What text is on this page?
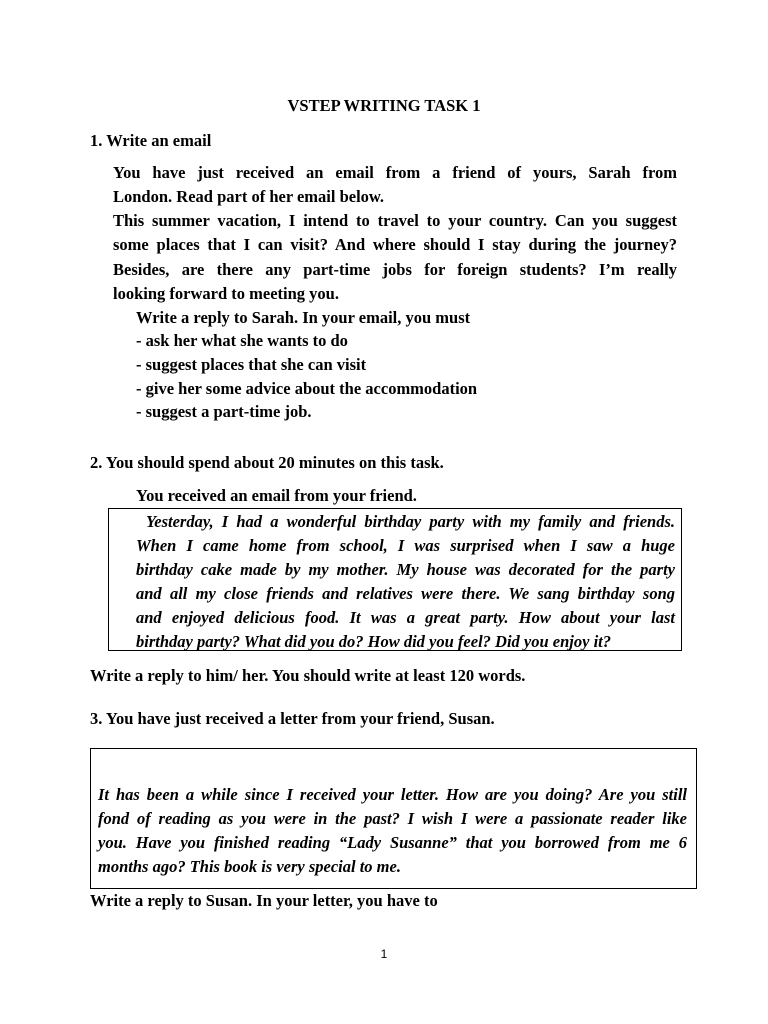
VSTEP WRITING TASK 1
1. Write an email
You have just received an email from a friend of yours, Sarah from
London. Read part of her email below.
This summer vacation, I intend to travel to your country. Can you suggest
some places that I can visit? And where should I stay during the journey?
Besides, are there any part-time jobs for foreign students? I’m really
looking forward to meeting you.
Write a reply to Sarah. In your email, you must
- ask her what she wants to do
- suggest places that she can visit
- give her some advice about the accommodation
- suggest a part-time job.
2. You should spend about 20 minutes on this task.
You received an email from your friend.

Yesterday, I had a wonderful birthday party with my family and friends.
When I came home from school, I was surprised when I saw a huge
birthday cake made by my mother. My house was decorated for the party
and all my close friends and relatives were there. We sang birthday song
and enjoyed delicious food. It was a great party. How about your last
birthday party? What did you do? How did you feel? Did you enjoy it?

Write a reply to him/ her. You should write at least 120 words.
3. You have just received a letter from your friend, Susan.

It has been a while since I received your letter. How are you doing? Are you still
fond of reading as you were in the past? I wish I were a passionate reader like
you. Have you finished reading “Lady Susanne” that you borrowed from me 6
months ago? This book is very special to me.

Write a reply to Susan. In your letter, you have to
1
